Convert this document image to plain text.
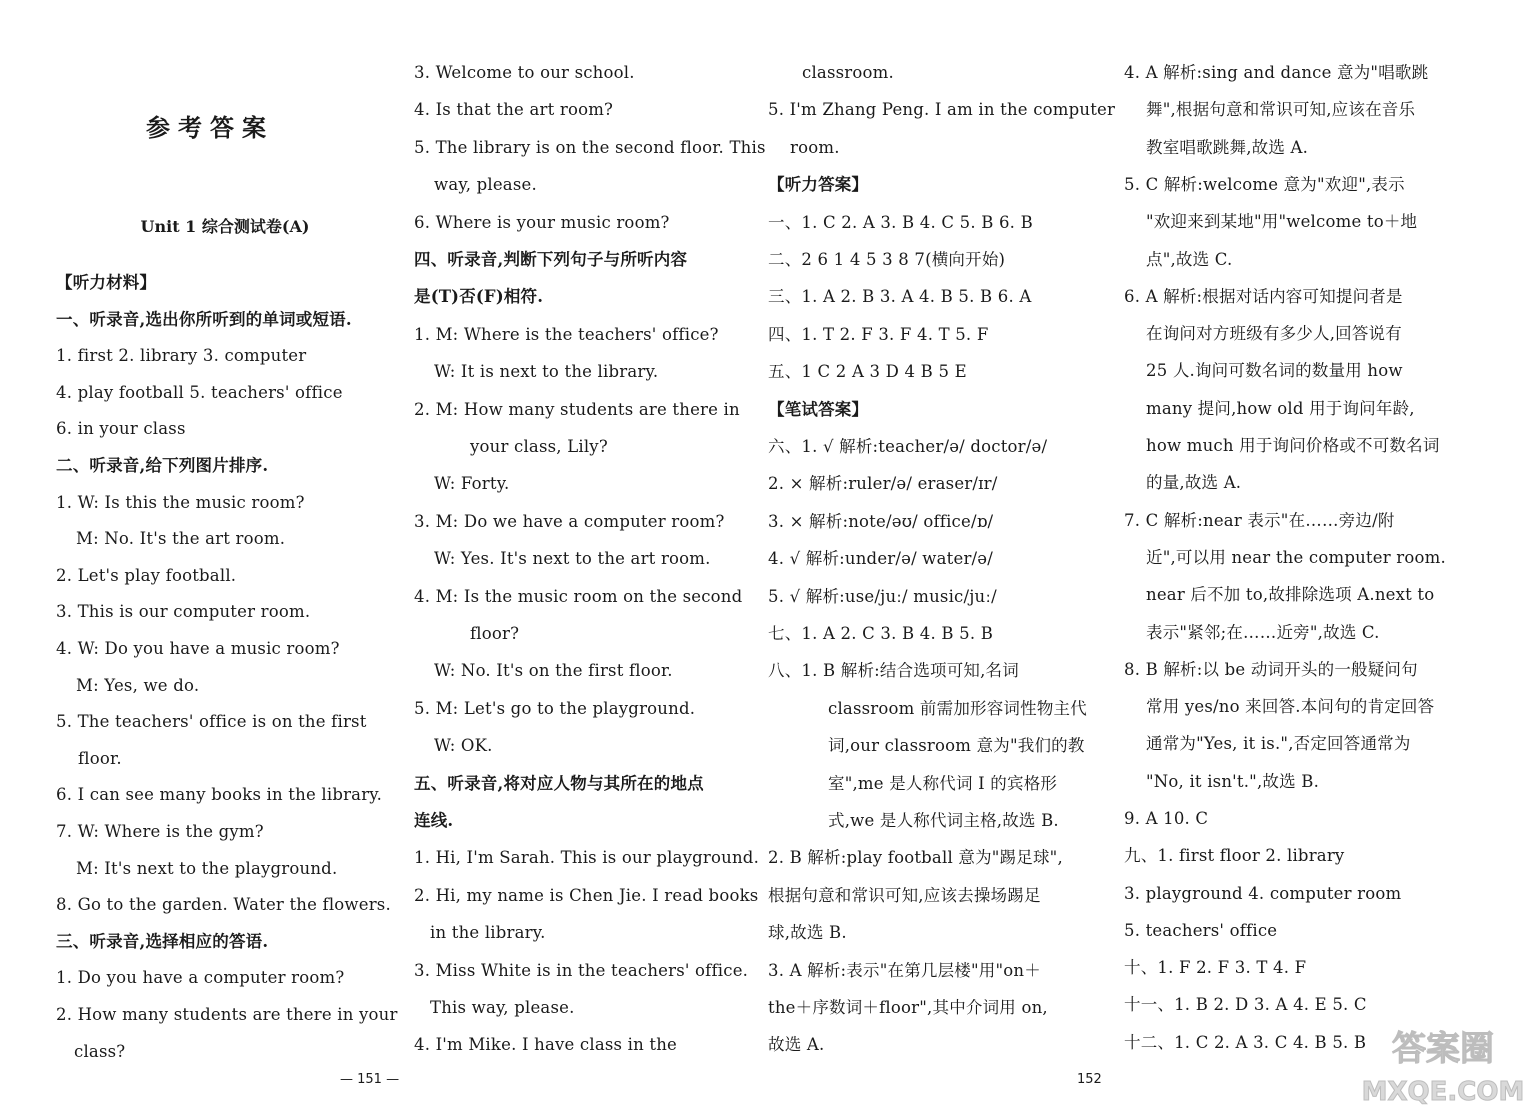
参考答案
Unit 1 综合测试卷(A)
【听力材料】
一、听录音,选出你所听到的单词或短语.
1. first 2. library 3. computer
4. play football 5. teachers' office
6. in your class
二、听录音,给下列图片排序.
1. W: Is this the music room?
M: No. It's the art room.
2. Let's play football.
3. This is our computer room.
4. W: Do you have a music room?
M: Yes, we do.
5. The teachers' office is on the first
floor.
6. I can see many books in the library.
7. W: Where is the gym?
M: It's next to the playground.
8. Go to the garden. Water the flowers.
三、听录音,选择相应的答语.
1. Do you have a computer room?
2. How many students are there in your
class?
3. Welcome to our school.
4. Is that the art room?
5. The library is on the second floor. This
way, please.
6. Where is your music room?
四、听录音,判断下列句子与所听内容
是(T)否(F)相符.
1. M: Where is the teachers' office?
W: It is next to the library.
2. M: How many students are there in
your class, Lily?
W: Forty.
3. M: Do we have a computer room?
W: Yes. It's next to the art room.
4. M: Is the music room on the second
floor?
W: No. It's on the first floor.
5. M: Let's go to the playground.
W: OK.
五、听录音,将对应人物与其所在的地点
连线.
1. Hi, I'm Sarah. This is our playground.
2. Hi, my name is Chen Jie. I read books
in the library.
3. Miss White is in the teachers' office.
This way, please.
4. I'm Mike. I have class in the
classroom.
5. I'm Zhang Peng. I am in the computer
room.
【听力答案】
一、1. C 2. A 3. B 4. C 5. B 6. B
二、2 6 1 4 5 3 8 7(横向开始)
三、1. A 2. B 3. A 4. B 5. B 6. A
四、1. T 2. F 3. F 4. T 5. F
五、1 C 2 A 3 D 4 B 5 E
【笔试答案】
六、1. √ 解析:teacher/ə/ doctor/ə/
2. × 解析:ruler/ə/ eraser/ɪr/
3. × 解析:note/əʊ/ office/ɒ/
4. √ 解析:under/ə/ water/ə/
5. √ 解析:use/juː/ music/juː/
七、1. A 2. C 3. B 4. B 5. B
八、1. B 解析:结合选项可知,名词
classroom 前需加形容词性物主代
词,our classroom 意为"我们的教
室",me 是人称代词 I 的宾格形
式,we 是人称代词主格,故选 B.
2. B 解析:play football 意为"踢足球",
根据句意和常识可知,应该去操场踢足
球,故选 B.
3. A 解析:表示"在第几层楼"用"on＋
the＋序数词＋floor",其中介词用 on,
故选 A.
4. A 解析:sing and dance 意为"唱歌跳
舞",根据句意和常识可知,应该在音乐
教室唱歌跳舞,故选 A.
5. C 解析:welcome 意为"欢迎",表示
"欢迎来到某地"用"welcome to＋地
点",故选 C.
6. A 解析:根据对话内容可知提问者是
在询问对方班级有多少人,回答说有
25 人.询问可数名词的数量用 how
many 提问,how old 用于询问年龄,
how much 用于询问价格或不可数名词
的量,故选 A.
7. C 解析:near 表示"在……旁边/附
近",可以用 near the computer room.
near 后不加 to,故排除选项 A.next to
表示"紧邻;在……近旁",故选 C.
8. B 解析:以 be 动词开头的一般疑问句
常用 yes/no 来回答.本问句的肯定回答
通常为"Yes, it is.",否定回答通常为
"No, it isn't.",故选 B.
9. A 10. C
九、1. first floor 2. library
3. playground 4. computer room
5. teachers' office
十、1. F 2. F 3. T 4. F
十一、1. B 2. D 3. A 4. E 5. C
十二、1. C 2. A 3. C 4. B 5. B
— 151 —	152
答案圈
MXQE.COM
